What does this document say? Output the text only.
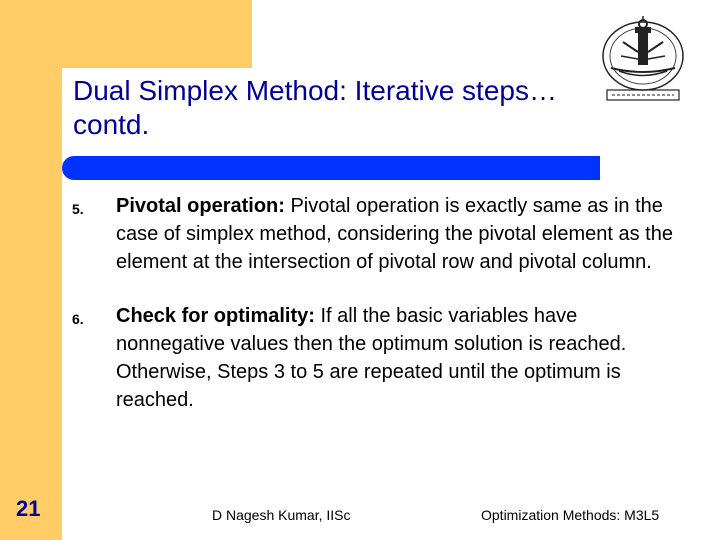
Dual Simplex Method: Iterative steps…contd.
5. Pivotal operation: Pivotal operation is exactly same as in the case of simplex method, considering the pivotal element as the element at the intersection of pivotal row and pivotal column.
6. Check for optimality: If all the basic variables have nonnegative values then the optimum solution is reached. Otherwise, Steps 3 to 5 are repeated until the optimum is reached.
21	D Nagesh Kumar, IISc	Optimization Methods: M3L5
